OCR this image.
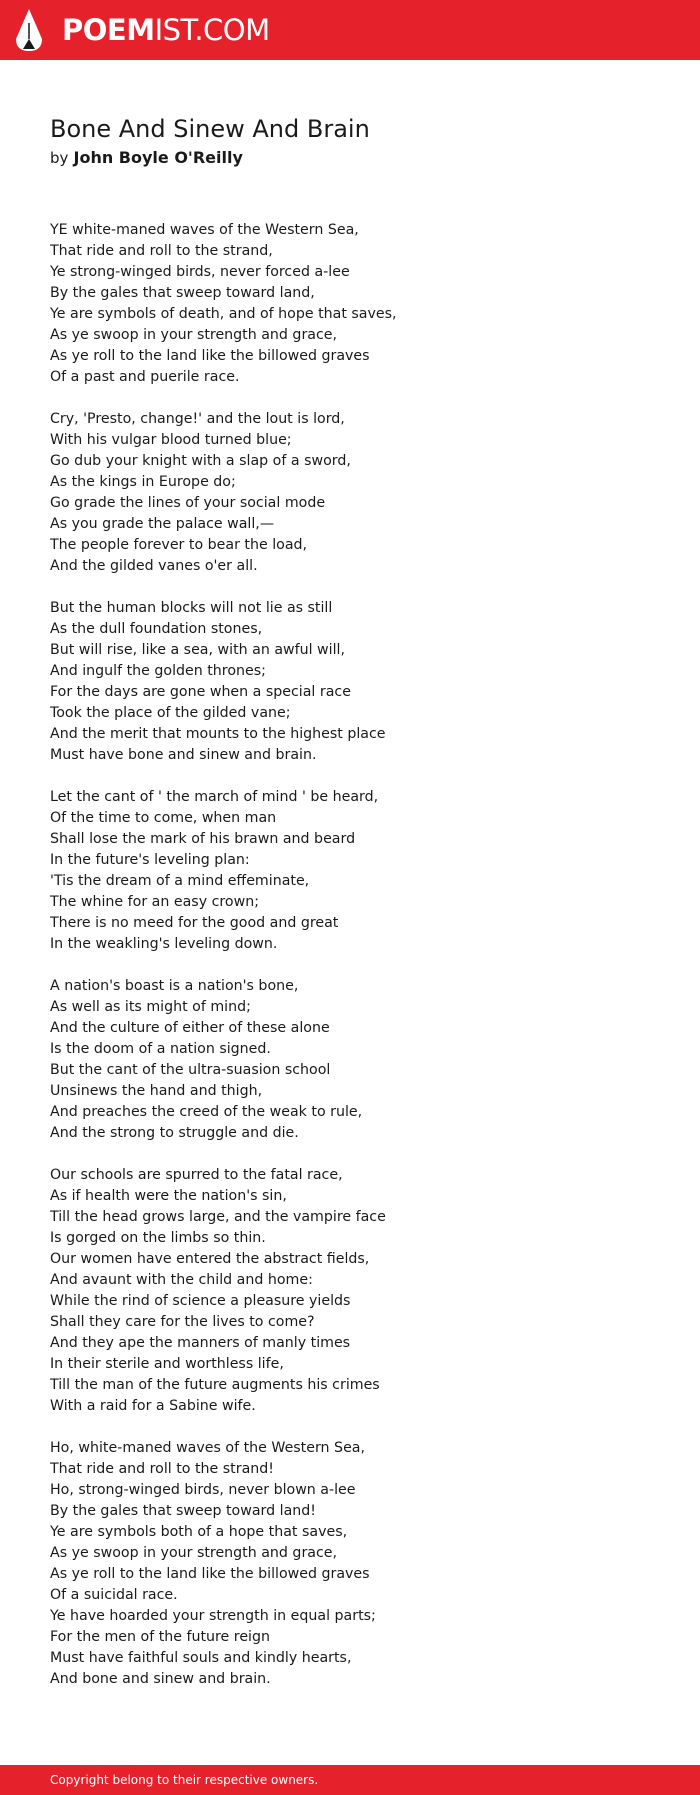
POEMIST.COM
Bone And Sinew And Brain
by John Boyle O'Reilly
YE white-maned waves of the Western Sea,
That ride and roll to the strand,
Ye strong-winged birds, never forced a-lee
By the gales that sweep toward land,
Ye are symbols of death, and of hope that saves,
As ye swoop in your strength and grace,
As ye roll to the land like the billowed graves
Of a past and puerile race.
Cry, 'Presto, change!' and the lout is lord,
With his vulgar blood turned blue;
Go dub your knight with a slap of a sword,
As the kings in Europe do;
Go grade the lines of your social mode
As you grade the palace wall,—
The people forever to bear the load,
And the gilded vanes o'er all.
But the human blocks will not lie as still
As the dull foundation stones,
But will rise, like a sea, with an awful will,
And ingulf the golden thrones;
For the days are gone when a special race
Took the place of the gilded vane;
And the merit that mounts to the highest place
Must have bone and sinew and brain.
Let the cant of ' the march of mind ' be heard,
Of the time to come, when man
Shall lose the mark of his brawn and beard
In the future's leveling plan:
'Tis the dream of a mind effeminate,
The whine for an easy crown;
There is no meed for the good and great
In the weakling's leveling down.
A nation's boast is a nation's bone,
As well as its might of mind;
And the culture of either of these alone
Is the doom of a nation signed.
But the cant of the ultra-suasion school
Unsinews the hand and thigh,
And preaches the creed of the weak to rule,
And the strong to struggle and die.
Our schools are spurred to the fatal race,
As if health were the nation's sin,
Till the head grows large, and the vampire face
Is gorged on the limbs so thin.
Our women have entered the abstract fields,
And avaunt with the child and home:
While the rind of science a pleasure yields
Shall they care for the lives to come?
And they ape the manners of manly times
In their sterile and worthless life,
Till the man of the future augments his crimes
With a raid for a Sabine wife.
Ho, white-maned waves of the Western Sea,
That ride and roll to the strand!
Ho, strong-winged birds, never blown a-lee
By the gales that sweep toward land!
Ye are symbols both of a hope that saves,
As ye swoop in your strength and grace,
As ye roll to the land like the billowed graves
Of a suicidal race.
Ye have hoarded your strength in equal parts;
For the men of the future reign
Must have faithful souls and kindly hearts,
And bone and sinew and brain.
Copyright belong to their respective owners.
